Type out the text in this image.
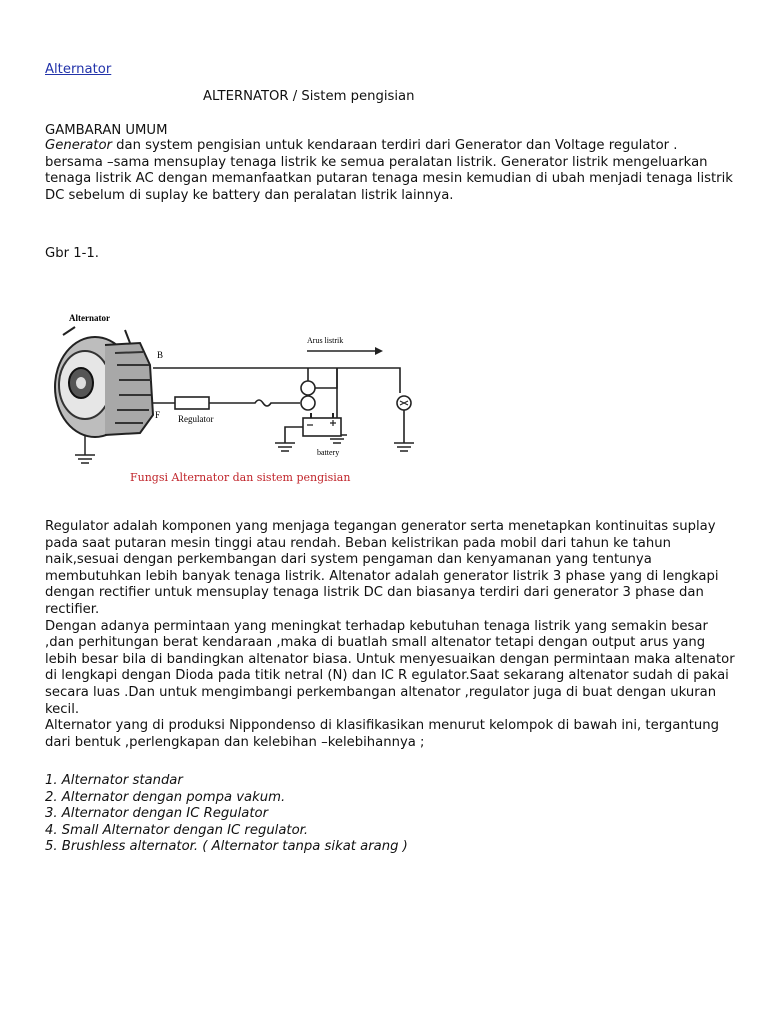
Alternator
ALTERNATOR / Sistem pengisian
GAMBARAN UMUM
Generator dan system pengisian untuk kendaraan terdiri dari Generator dan Voltage regulator . bersama –sama mensuplay tenaga listrik ke semua peralatan listrik. Generator listrik mengeluarkan tenaga listrik AC dengan memanfaatkan putaran tenaga mesin kemudian di ubah menjadi tenaga listrik DC sebelum di suplay ke battery dan peralatan listrik lainnya.
Gbr 1-1.
Alternator
B
F
battery
Arus listrik
Regulator
Fungsi Alternator dan sistem pengisian

Regulator adalah komponen yang menjaga tegangan generator serta menetapkan kontinuitas suplay pada saat putaran mesin tinggi atau rendah. Beban kelistrikan pada mobil dari tahun ke tahun naik,sesuai dengan perkembangan dari system pengaman dan kenyamanan yang tentunya membutuhkan lebih banyak tenaga listrik. Altenator adalah generator listrik 3 phase yang di lengkapi dengan rectifier untuk mensuplay tenaga listrik DC dan biasanya terdiri dari generator 3 phase dan rectifier.

Dengan adanya permintaan yang meningkat terhadap kebutuhan tenaga listrik yang semakin besar ,dan perhitungan berat kendaraan ,maka di buatlah small altenator tetapi dengan output arus yang lebih besar bila di bandingkan altenator biasa. Untuk menyesuaikan dengan permintaan maka altenator di lengkapi dengan Dioda pada titik netral (N) dan IC R egulator.Saat sekarang altenator sudah di pakai secara luas .Dan untuk mengimbangi perkembangan altenator ,regulator juga di buat dengan ukuran kecil.

Alternator yang di produksi Nippondenso di klasifikasikan menurut kelompok di bawah ini, tergantung dari bentuk ,perlengkapan dan kelebihan –kelebihannya ;

1. Alternator standar
2. Alternator dengan pompa vakum.
3. Alternator dengan IC Regulator
4. Small Alternator dengan IC regulator.
5. Brushless alternator. ( Alternator tanpa sikat arang )
